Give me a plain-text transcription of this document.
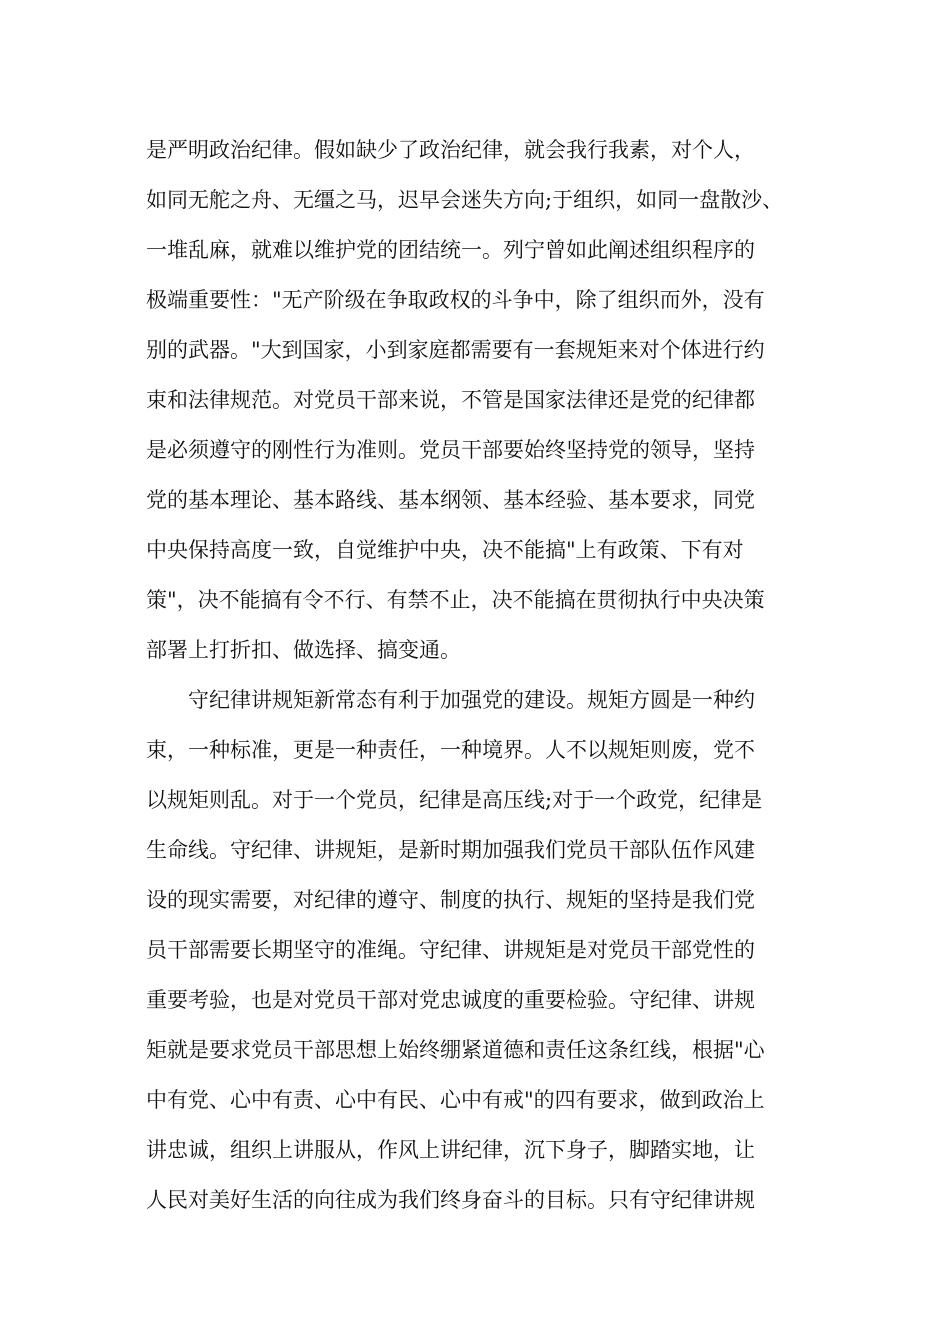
是严明政治纪律。假如缺少了政治纪律，就会我行我素，对个人，
如同无舵之舟、无缰之马，迟早会迷失方向;于组织，如同一盘散沙、
一堆乱麻，就难以维护党的团结统一。列宁曾如此阐述组织程序的
极端重要性："无产阶级在争取政权的斗争中，除了组织而外，没有
别的武器。"大到国家，小到家庭都需要有一套规矩来对个体进行约
束和法律规范。对党员干部来说，不管是国家法律还是党的纪律都
是必须遵守的刚性行为准则。党员干部要始终坚持党的领导，坚持
党的基本理论、基本路线、基本纲领、基本经验、基本要求，同党
中央保持高度一致，自觉维护中央，决不能搞"上有政策、下有对
策"，决不能搞有令不行、有禁不止，决不能搞在贯彻执行中央决策
部署上打折扣、做选择、搞变通。
守纪律讲规矩新常态有利于加强党的建设。规矩方圆是一种约
束，一种标准，更是一种责任，一种境界。人不以规矩则废，党不
以规矩则乱。对于一个党员，纪律是高压线;对于一个政党，纪律是
生命线。守纪律、讲规矩，是新时期加强我们党员干部队伍作风建
设的现实需要，对纪律的遵守、制度的执行、规矩的坚持是我们党
员干部需要长期坚守的准绳。守纪律、讲规矩是对党员干部党性的
重要考验，也是对党员干部对党忠诚度的重要检验。守纪律、讲规
矩就是要求党员干部思想上始终绷紧道德和责任这条红线，根据"心
中有党、心中有责、心中有民、心中有戒"的四有要求，做到政治上
讲忠诚，组织上讲服从，作风上讲纪律，沉下身子，脚踏实地，让
人民对美好生活的向往成为我们终身奋斗的目标。只有守纪律讲规
